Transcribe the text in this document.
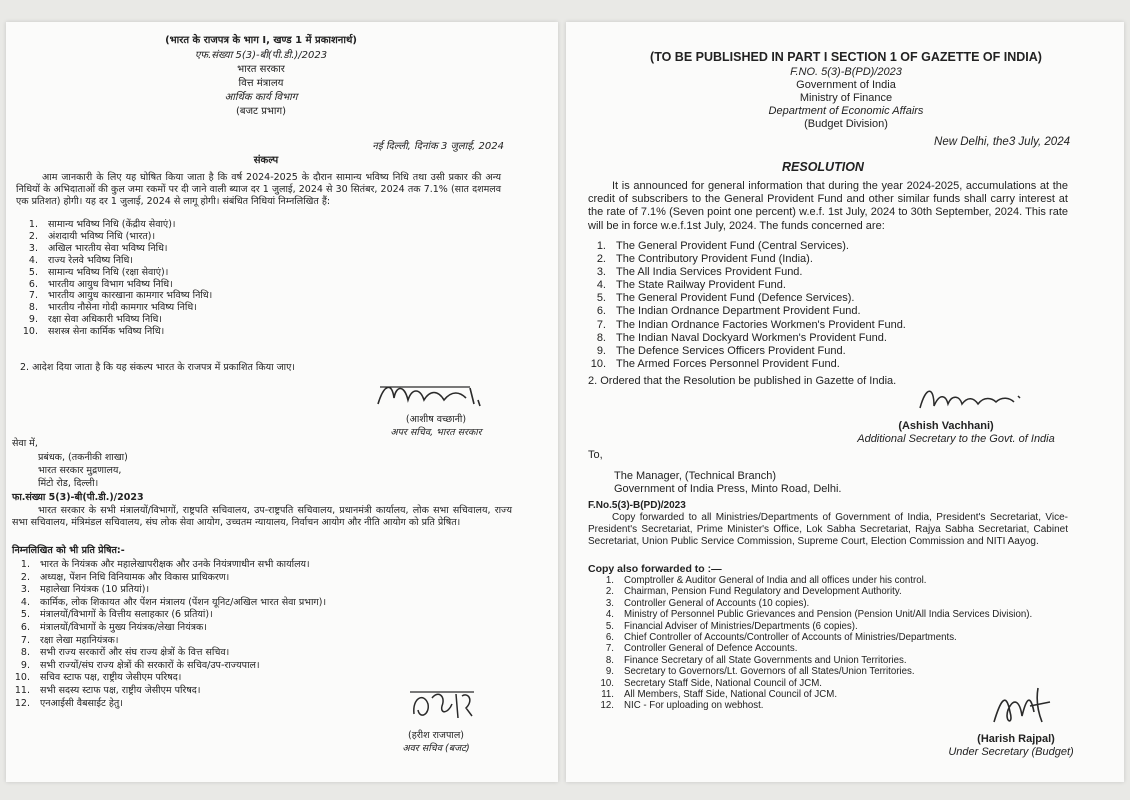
(भारत के राजपत्र के भाग I, खण्ड 1 में प्रकाशनार्थ)
एफ.संख्या 5(3)-बी(पी.डी.)/2023
भारत सरकार
वित्त मंत्रालय
आर्थिक कार्य विभाग
(बजट प्रभाग)
नई दिल्ली, दिनांक 3 जुलाई, 2024
संकल्प
आम जानकारी के लिए यह घोषित किया जाता है कि वर्ष 2024-2025 के दौरान सामान्य भविष्य निधि तथा उसी प्रकार की अन्य निधियों के अभिदाताओं की कुल जमा रकमों पर दी जाने वाली ब्याज दर 1 जुलाई, 2024 से 30 सितंबर, 2024 तक 7.1% (सात दशमलव एक प्रतिशत) होगी। यह दर 1 जुलाई, 2024 से लागू होगी। संबंधित निधियां निम्नलिखित हैं:
1. सामान्य भविष्य निधि (केंद्रीय सेवाएं)।
2. अंशदायी भविष्य निधि (भारत)।
3. अखिल भारतीय सेवा भविष्य निधि।
4. राज्य रेलवे भविष्य निधि।
5. सामान्य भविष्य निधि (रक्षा सेवाएं)।
6. भारतीय आयुध विभाग भविष्य निधि।
7. भारतीय आयुध कारखाना कामगार भविष्य निधि।
8. भारतीय नौसेना गोदी कामगार भविष्य निधि।
9. रक्षा सेवा अधिकारी भविष्य निधि।
10. सशस्त्र सेना कार्मिक भविष्य निधि।
2. आदेश दिया जाता है कि यह संकल्प भारत के राजपत्र में प्रकाशित किया जाए।
(आशीष वच्छानी)
अपर सचिव, भारत सरकार
सेवा में,
प्रबंधक, (तकनीकी शाखा)
भारत सरकार मुद्रणालय,
मिंटो रोड, दिल्ली।
फा.संख्या 5(3)-बी(पी.डी.)/2023
भारत सरकार के सभी मंत्रालयों/विभागों, राष्ट्रपति सचिवालय, उप-राष्ट्रपति सचिवालय, प्रधानमंत्री कार्यालय, लोक सभा सचिवालय, राज्य सभा सचिवालय, मंत्रिमंडल सचिवालय, संघ लोक सेवा आयोग, उच्चतम न्यायालय, निर्वाचन आयोग और नीति आयोग को प्रति प्रेषित।
निम्नलिखित को भी प्रति प्रेषित:-
1. भारत के नियंत्रक और महालेखापरीक्षक और उनके नियंत्रणाधीन सभी कार्यालय।
2. अध्यक्ष, पेंशन निधि विनियामक और विकास प्राधिकरण।
3. महालेखा नियंत्रक (10 प्रतियां)।
4. कार्मिक, लोक शिकायत और पेंशन मंत्रालय (पेंशन यूनिट/अखिल भारत सेवा प्रभाग)।
5. मंत्रालयों/विभागों के वित्तीय सलाहकार (6 प्रतियां)।
6. मंत्रालयों/विभागों के मुख्य नियंत्रक/लेखा नियंत्रक।
7. रक्षा लेखा महानियंत्रक।
8. सभी राज्य सरकारों और संघ राज्य क्षेत्रों के वित्त सचिव।
9. सभी राज्यों/संघ राज्य क्षेत्रों की सरकारों के सचिव/उप-राज्यपाल।
10. सचिव स्टाफ पक्ष, राष्ट्रीय जेसीएम परिषद।
11. सभी सदस्य स्टाफ पक्ष, राष्ट्रीय जेसीएम परिषद।
12. एनआईसी वैबसाईट हेतु।
(हरीश राजपाल)
अवर सचिव (बजट)
(TO BE PUBLISHED IN PART I SECTION 1 OF GAZETTE OF INDIA)
F.NO. 5(3)-B(PD)/2023
Government of India
Ministry of Finance
Department of Economic Affairs
(Budget Division)
New Delhi, the3 July, 2024
RESOLUTION
It is announced for general information that during the year 2024-2025, accumulations at the credit of subscribers to the General Provident Fund and other similar funds shall carry interest at the rate of 7.1% (Seven point one percent) w.e.f. 1st July, 2024 to 30th September, 2024. This rate will be in force w.e.f.1st July, 2024. The funds concerned are:
1. The General Provident Fund (Central Services).
2. The Contributory Provident Fund (India).
3. The All India Services Provident Fund.
4. The State Railway Provident Fund.
5. The General Provident Fund (Defence Services).
6. The Indian Ordnance Department Provident Fund.
7. The Indian Ordnance Factories Workmen's Provident Fund.
8. The Indian Naval Dockyard Workmen's Provident Fund.
9. The Defence Services Officers Provident Fund.
10. The Armed Forces Personnel Provident Fund.
2. Ordered that the Resolution be published in Gazette of India.
(Ashish Vachhani)
Additional Secretary to the Govt. of India
To,
The Manager, (Technical Branch)
Government of India Press, Minto Road, Delhi.
F.No.5(3)-B(PD)/2023
Copy forwarded to all Ministries/Departments of Government of India, President's Secretariat, Vice-President's Secretariat, Prime Minister's Office, Lok Sabha Secretariat, Rajya Sabha Secretariat, Cabinet Secretariat, Union Public Service Commission, Supreme Court, Election Commission and NITI Aayog.
Copy also forwarded to :—
1. Comptroller & Auditor General of India and all offices under his control.
2. Chairman, Pension Fund Regulatory and Development Authority.
3. Controller General of Accounts (10 copies).
4. Ministry of Personnel Public Grievances and Pension (Pension Unit/All India Services Division).
5. Financial Adviser of Ministries/Departments (6 copies).
6. Chief Controller of Accounts/Controller of Accounts of Ministries/Departments.
7. Controller General of Defence Accounts.
8. Finance Secretary of all State Governments and Union Territories.
9. Secretary to Governors/Lt. Governors of all States/Union Territories.
10. Secretary Staff Side, National Council of JCM.
11. All Members, Staff Side, National Council of JCM.
12. NIC - For uploading on webhost.
(Harish Rajpal)
Under Secretary (Budget)
